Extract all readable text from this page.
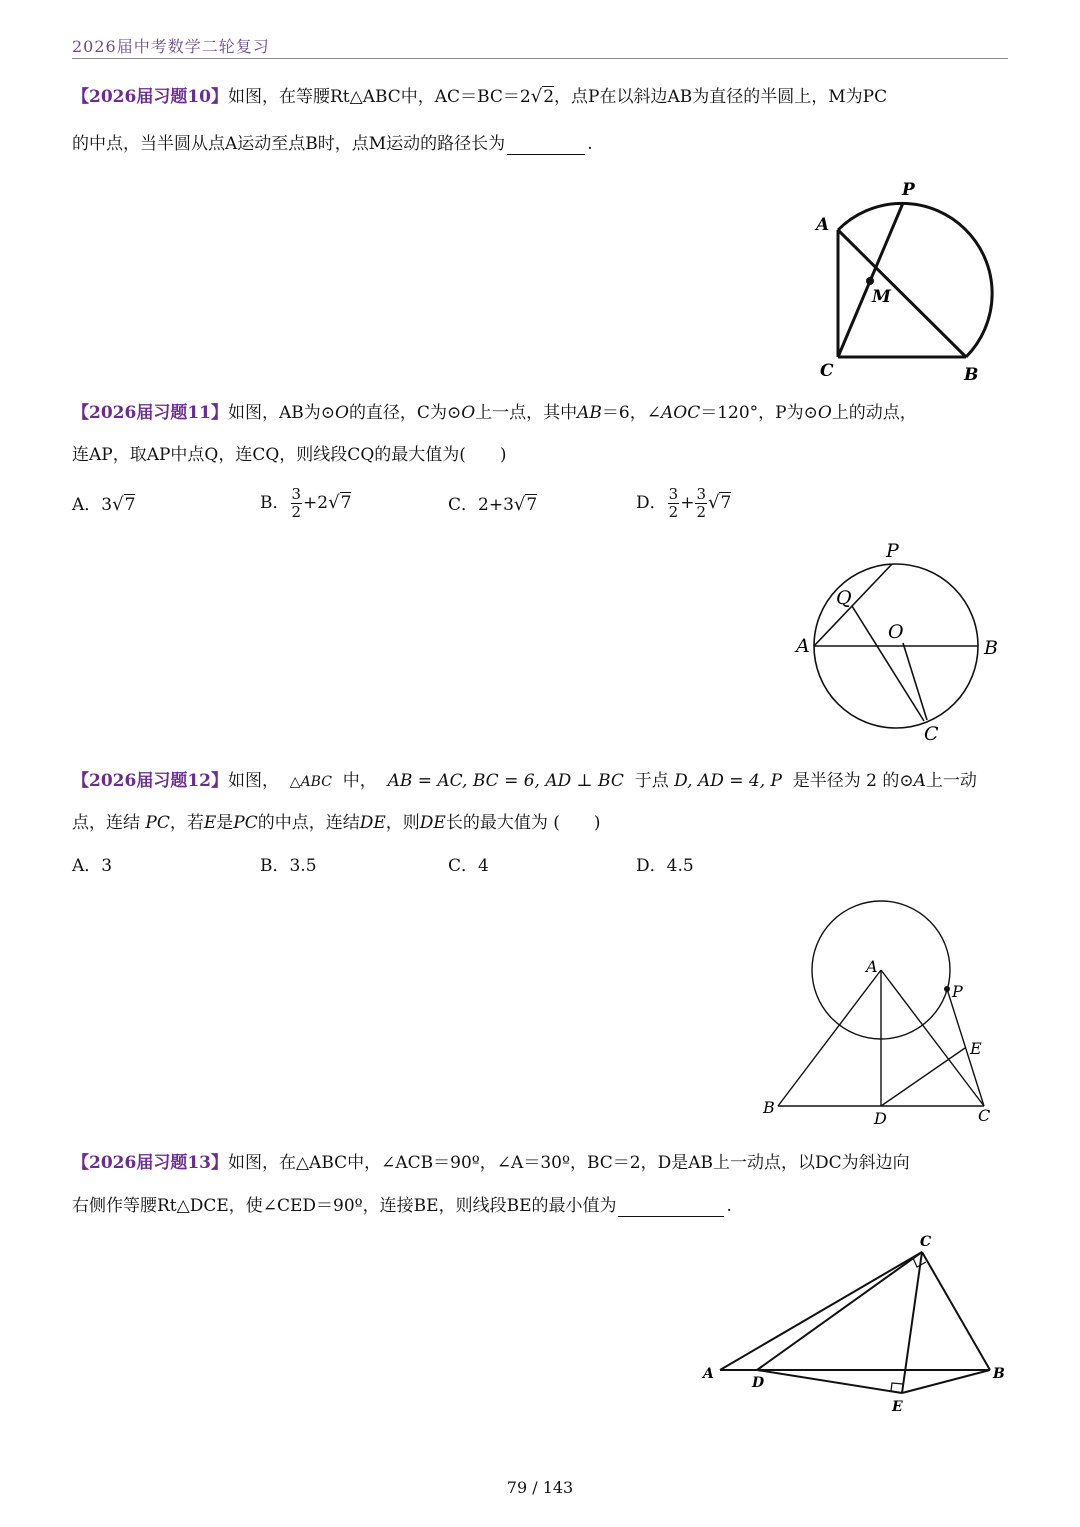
2026届中考数学二轮复习
【2026届习题10】如图，在等腰Rt△ABC中，AC＝BC＝2√2，点P在以斜边AB为直径的半圆上，M为PC
的中点，当半圆从点A运动至点B时，点M运动的路径长为	.
A
P
M
C	B
【2026届习题11】如图，AB为⊙O的直径，C为⊙O上一点，其中AB＝6，∠AOC＝120°，P为⊙O上的动点，
连AP，取AP中点Q，连CQ，则线段CQ的最大值为(　　)
A．3√7	B． $\frac{3}{2} +2√7$	C．2+3√7	D． $\frac{3}{2} + \frac{3}{2} √7$
P
Q
O
A	B
C
【2026届习题12】如图， △ABC 中， AB = AC, BC = 6, AD ⊥ BC 于点 D, AD = 4, P 是半径为 2 的⊙A上一动
点，连结 PC，若E是PC的中点，连结DE，则DE长的最大值为 (　　)
A．3	B．3.5	C．4	D．4.5
A
P
E
B
D	C
【2026届习题13】如图，在△ABC中，∠ACB＝90º，∠A＝30º，BC＝2，D是AB上一动点，以DC为斜边向
右侧作等腰Rt△DCE，使∠CED＝90º，连接BE，则线段BE的最小值为	.
C
A
D
B
E
79 / 143
